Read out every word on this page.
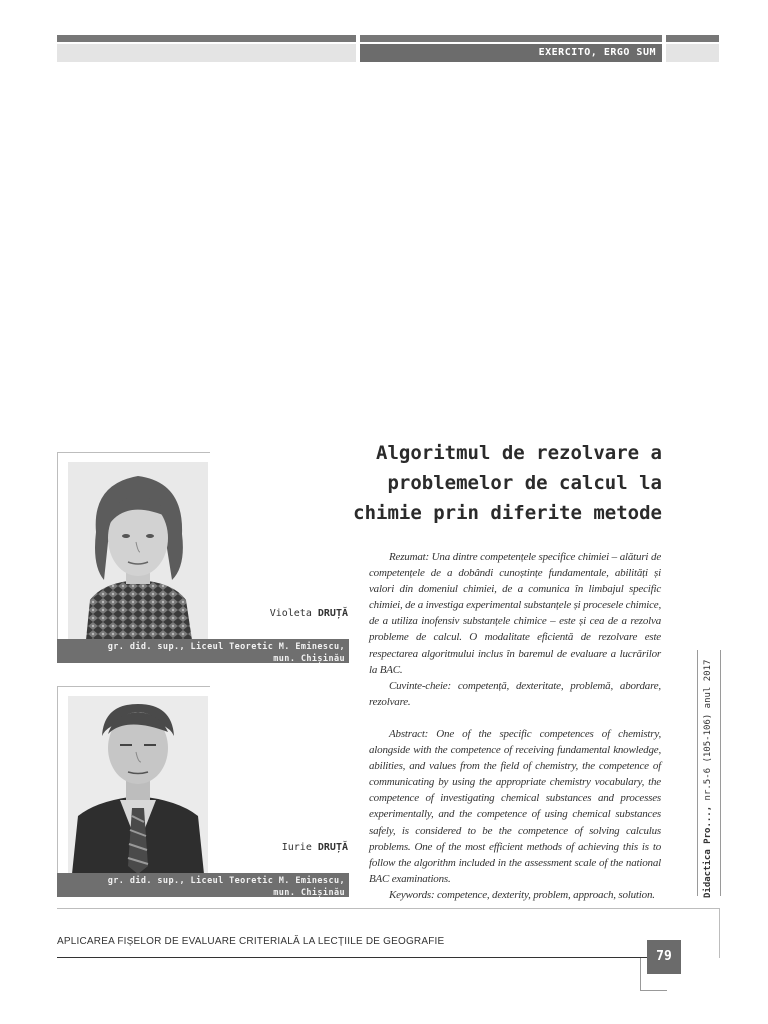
EXERCITO, ERGO SUM
Algoritmul de rezolvare a
problemelor de calcul la
chimie prin diferite metode
Violeta DRUȚĂ
gr. did. sup., Liceul Teoretic M. Eminescu,
mun. Chișinău
Iurie DRUȚĂ
gr. did. sup., Liceul Teoretic M. Eminescu,
mun. Chișinău

Rezumat: Una dintre competențele specifice chimiei – alături de competențele de a dobândi cunoștințe fundamentale, abilități și valori din domeniul chimiei, de a comunica în limbajul specific chimiei, de a investiga experimental substanțele și procesele chimice, de a utiliza inofensiv substanțele chimice – este și cea de a rezolva probleme de calcul. O modalitate eficientă de rezolvare este respectarea algoritmului inclus în baremul de evaluare a lucrărilor la BAC.

Cuvinte-cheie: competență, dexteritate, problemă, abordare, rezolvare.

Abstract: One of the specific competences of chemistry, alongside with the competence of receiving fundamental knowledge, abilities, and values from the field of chemistry, the competence of communicating by using the appropriate chemistry vocabulary, the competence of investigating chemical substances and processes experimentally, and the competence of using chemical substances safely, is considered to be the competence of solving calculus problems. One of the most efficient methods of achieving this is to follow the algorithm included in the assessment scale of the national BAC examinations.

Keywords: competence, dexterity, problem, approach, solution.	Didactica Pro..., nr.5-6 (105-106) anul 2017
APLICAREA FIȘELOR DE EVALUARE CRITERIALĂ LA LECȚIILE DE GEOGRAFIE
79
